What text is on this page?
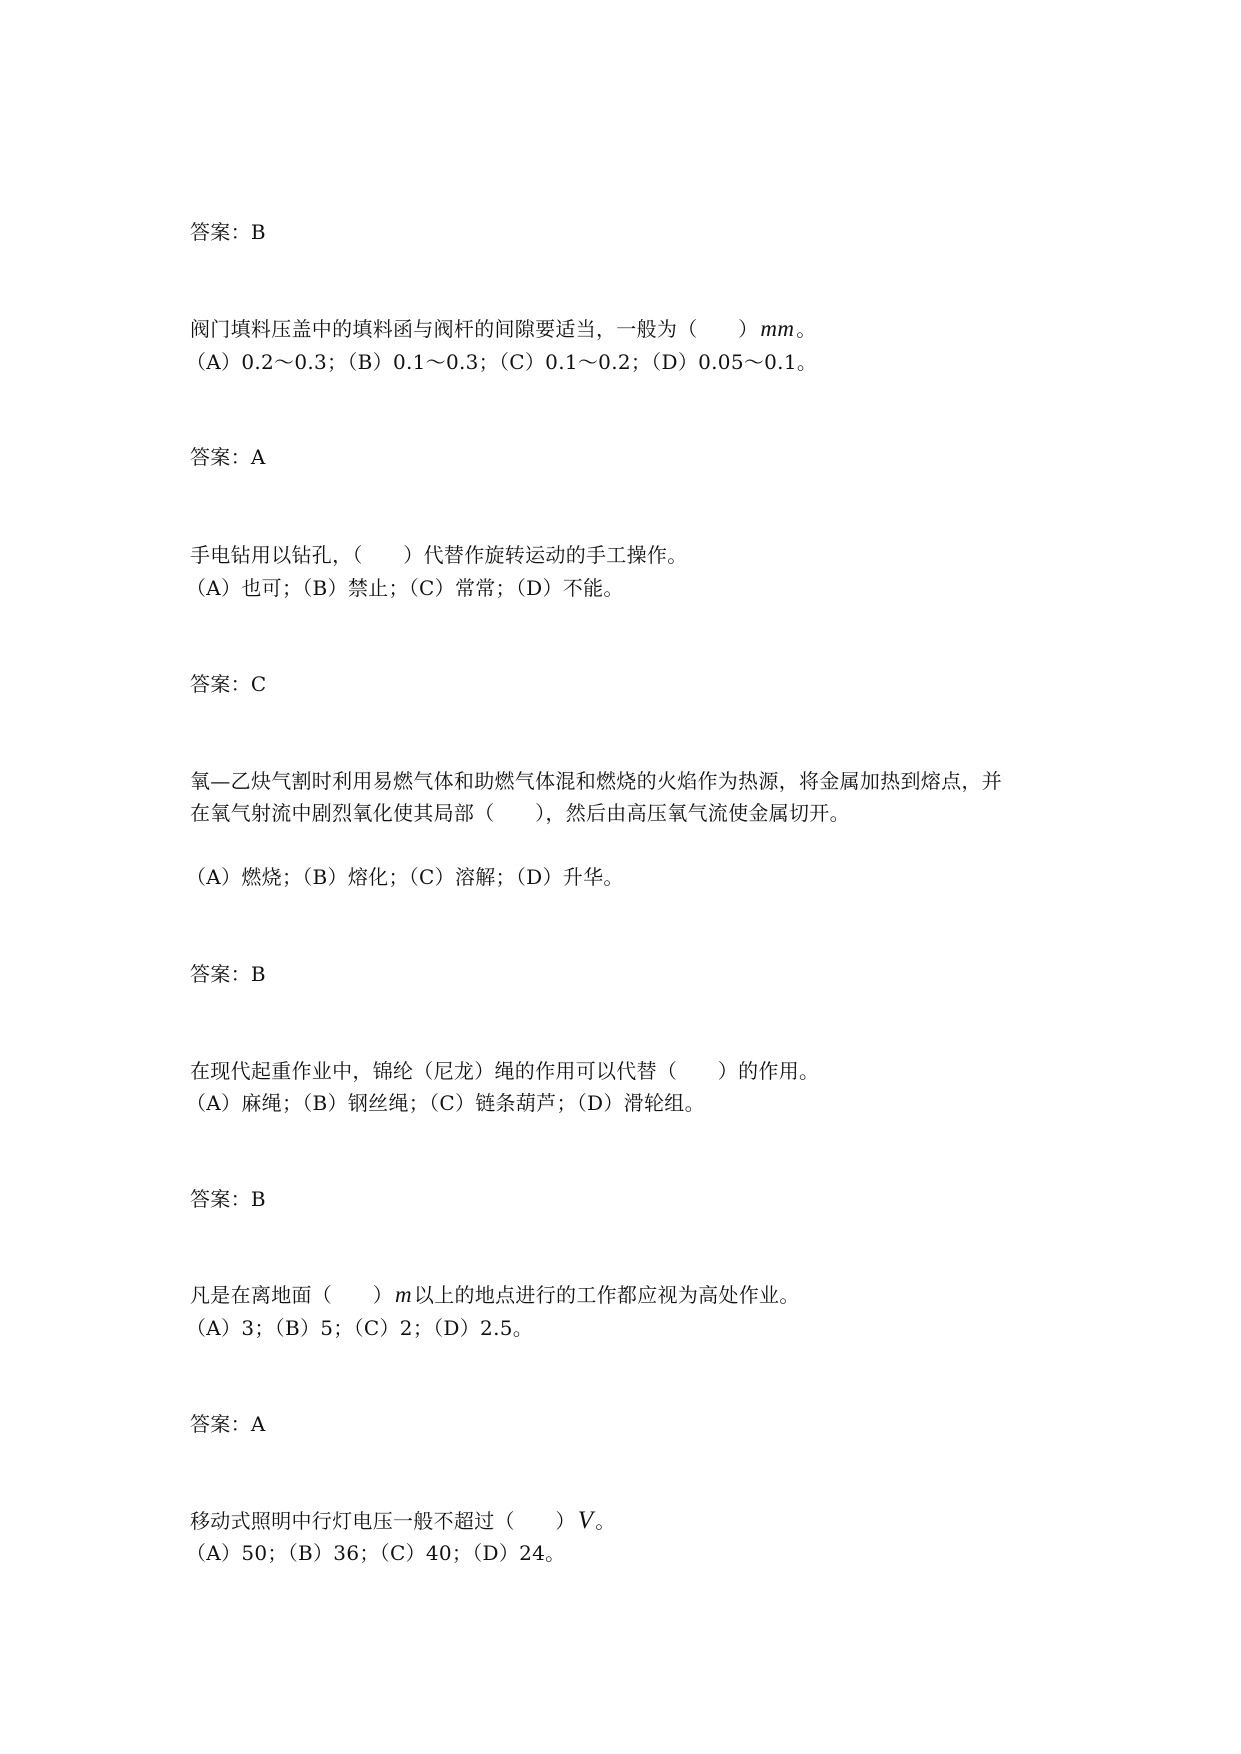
答案：B
阀门填料压盖中的填料函与阀杆的间隙要适当，一般为（　　）mm 。
（A）0.2～0.3；（B）0.1～0.3；（C）0.1～0.2；（D）0.05～0.1。
答案：A
手电钻用以钻孔，（　　）代替作旋转运动的手工操作。
（A）也可；（B）禁止；（C）常常；（D）不能。
答案：C
氧—乙炔气割时利用易燃气体和助燃气体混和燃烧的火焰作为热源，将金属加热到熔点，并
在氧气射流中剧烈氧化使其局部（　　），然后由高压氧气流使金属切开。
（A）燃烧；（B）熔化；（C）溶解；（D）升华。
答案：B
在现代起重作业中，锦纶（尼龙）绳的作用可以代替（　　）的作用。
（A）麻绳；（B）钢丝绳；（C）链条葫芦；（D）滑轮组。
答案：B
凡是在离地面（　　）m 以上的地点进行的工作都应视为高处作业。
（A）3；（B）5；（C）2；（D）2.5。
答案：A
移动式照明中行灯电压一般不超过（　　）V 。
（A）50；（B）36；（C）40；（D）24。
